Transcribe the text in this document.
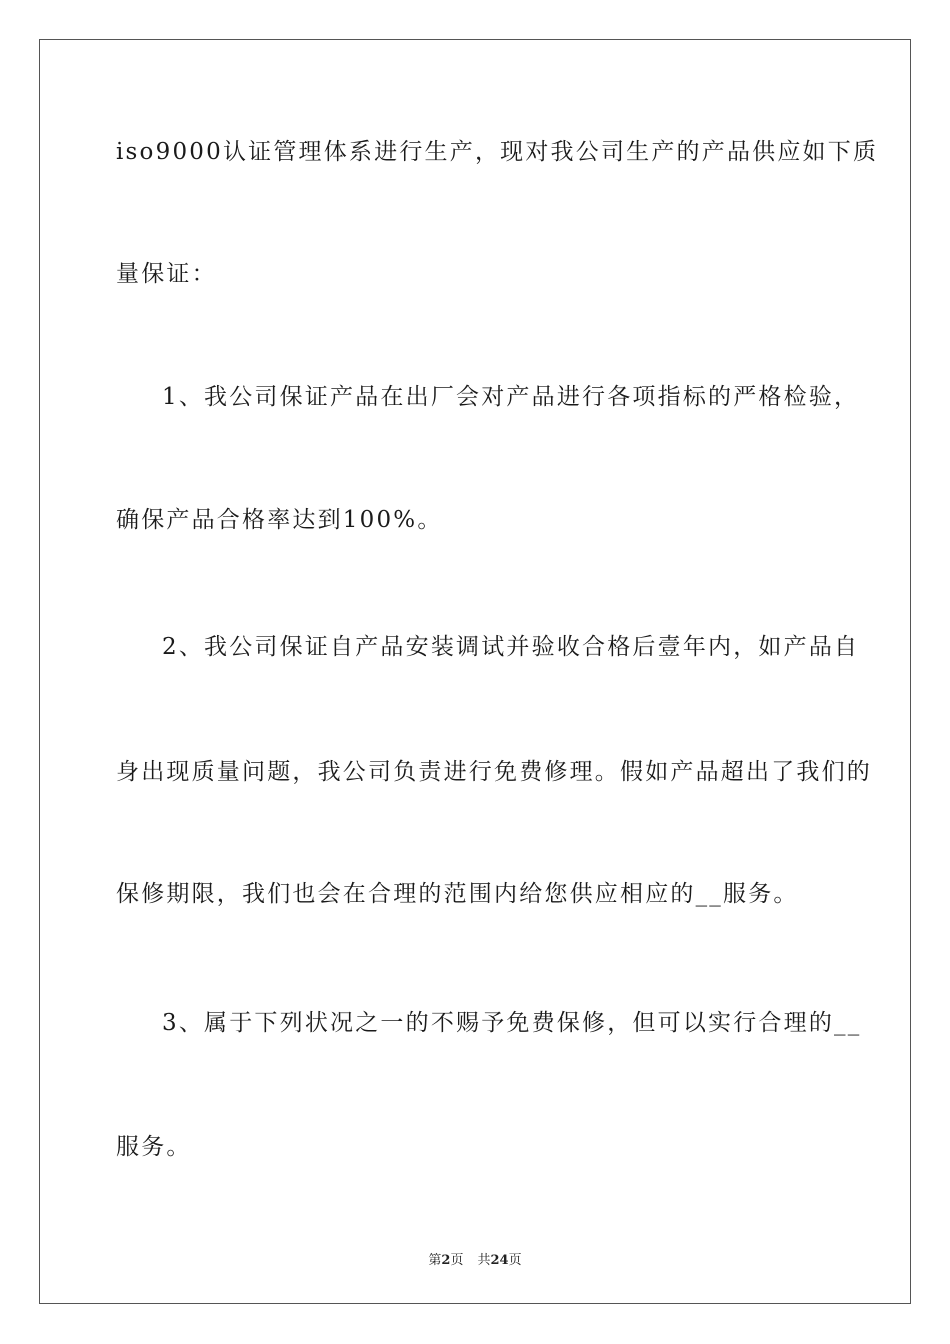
iso9000认证管理体系进行生产，现对我公司生产的产品供应如下质
量保证：
1、我公司保证产品在出厂会对产品进行各项指标的严格检验，
确保产品合格率达到100%。
2、我公司保证自产品安装调试并验收合格后壹年内，如产品自
身出现质量问题，我公司负责进行免费修理。假如产品超出了我们的
保修期限，我们也会在合理的范围内给您供应相应的__服务。
3、属于下列状况之一的不赐予免费保修，但可以实行合理的__
服务。
第2页 共24页
